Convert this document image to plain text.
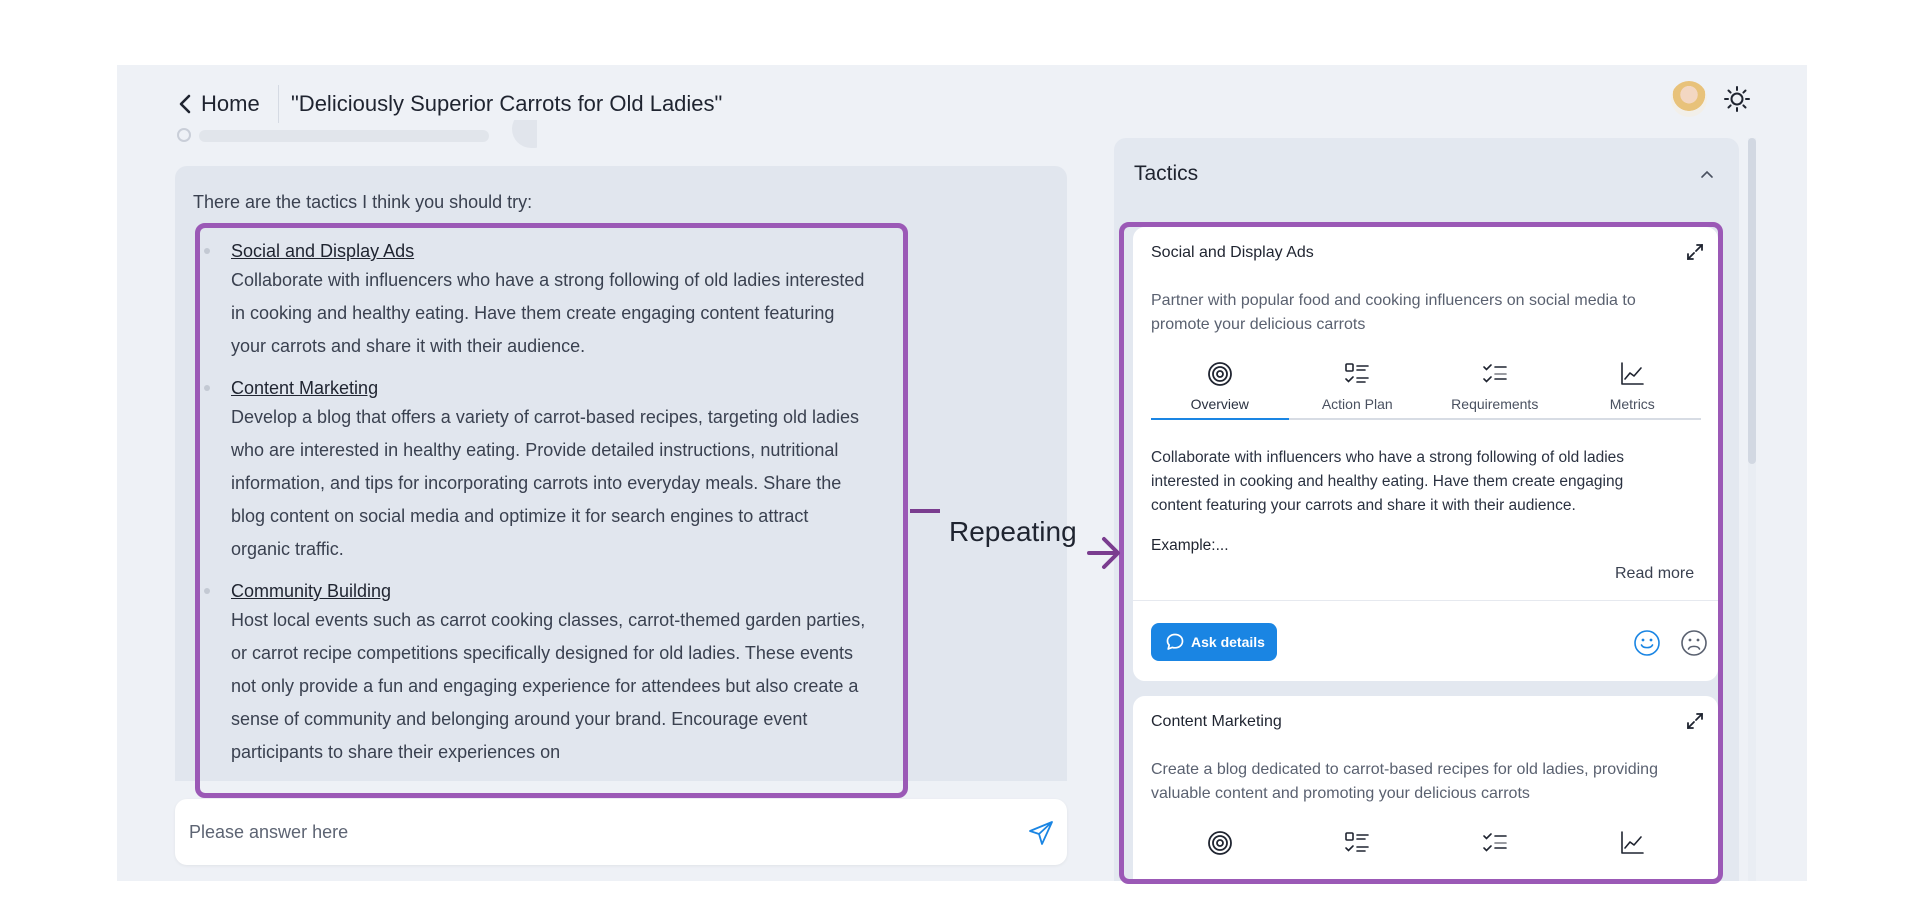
Home "Deliciously Superior Carrots for Old Ladies"
There are the tactics I think you should try:
Social and Display Ads
Collaborate with influencers who have a strong following of old ladies interested in cooking and healthy eating. Have them create engaging content featuring your carrots and share it with their audience.
Content Marketing
Develop a blog that offers a variety of carrot-based recipes, targeting old ladies who are interested in healthy eating. Provide detailed instructions, nutritional information, and tips for incorporating carrots into everyday meals. Share the blog content on social media and optimize it for search engines to attract organic traffic.
Community Building
Host local events such as carrot cooking classes, carrot-themed garden parties, or carrot recipe competitions specifically designed for old ladies. These events not only provide a fun and engaging experience for attendees but also create a sense of community and belonging around your brand. Encourage event participants to share their experiences on
Please answer here
Tactics
Social and Display Ads
Partner with popular food and cooking influencers on social media to promote your delicious carrots
Overview	Action Plan	Requirements	Metrics
Collaborate with influencers who have a strong following of old ladies interested in cooking and healthy eating. Have them create engaging content featuring your carrots and share it with their audience.
Example:...
Read more
Ask details
Content Marketing
Create a blog dedicated to carrot-based recipes for old ladies, providing valuable content and promoting your delicious carrots
Repeating
